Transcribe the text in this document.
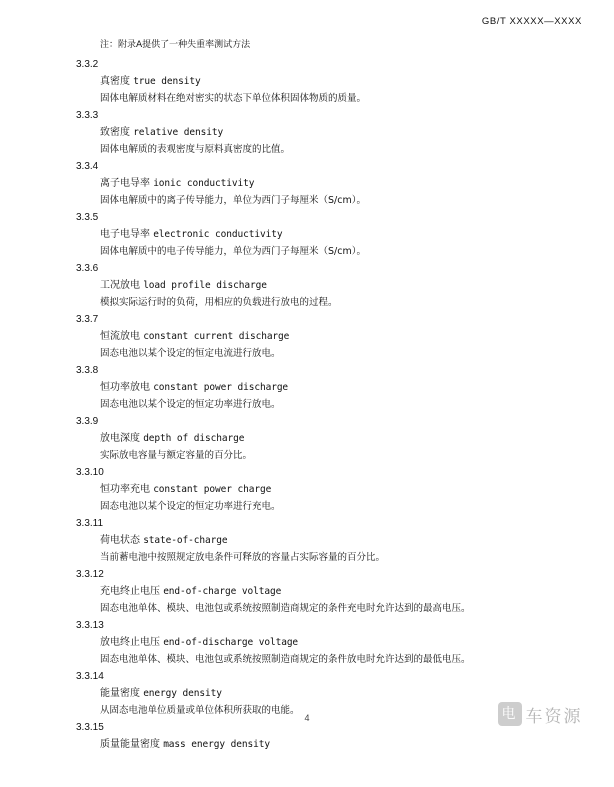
GB/T XXXXX—XXXX
注：附录A提供了一种失重率测试方法
3.3.2
真密度 true density
固体电解质材料在绝对密实的状态下单位体积固体物质的质量。
3.3.3
致密度 relative density
固体电解质的表观密度与原料真密度的比值。
3.3.4
离子电导率 ionic conductivity
固体电解质中的离子传导能力，单位为西门子每厘米（S/cm）。
3.3.5
电子电导率 electronic conductivity
固体电解质中的电子传导能力，单位为西门子每厘米（S/cm）。
3.3.6
工况放电 load profile discharge
模拟实际运行时的负荷，用相应的负载进行放电的过程。
3.3.7
恒流放电 constant current discharge
固态电池以某个设定的恒定电流进行放电。
3.3.8
恒功率放电 constant power discharge
固态电池以某个设定的恒定功率进行放电。
3.3.9
放电深度 depth of discharge
实际放电容量与额定容量的百分比。
3.3.10
恒功率充电 constant power charge
固态电池以某个设定的恒定功率进行充电。
3.3.11
荷电状态 state-of-charge
当前蓄电池中按照规定放电条件可释放的容量占实际容量的百分比。
3.3.12
充电终止电压 end-of-charge voltage
固态电池单体、模块、电池包或系统按照制造商规定的条件充电时允许达到的最高电压。
3.3.13
放电终止电压 end-of-discharge voltage
固态电池单体、模块、电池包或系统按照制造商规定的条件放电时允许达到的最低电压。
3.3.14
能量密度 energy density
从固态电池单位质量或单位体积所获取的电能。
3.3.15
质量能量密度 mass energy density

4	电 车资源
